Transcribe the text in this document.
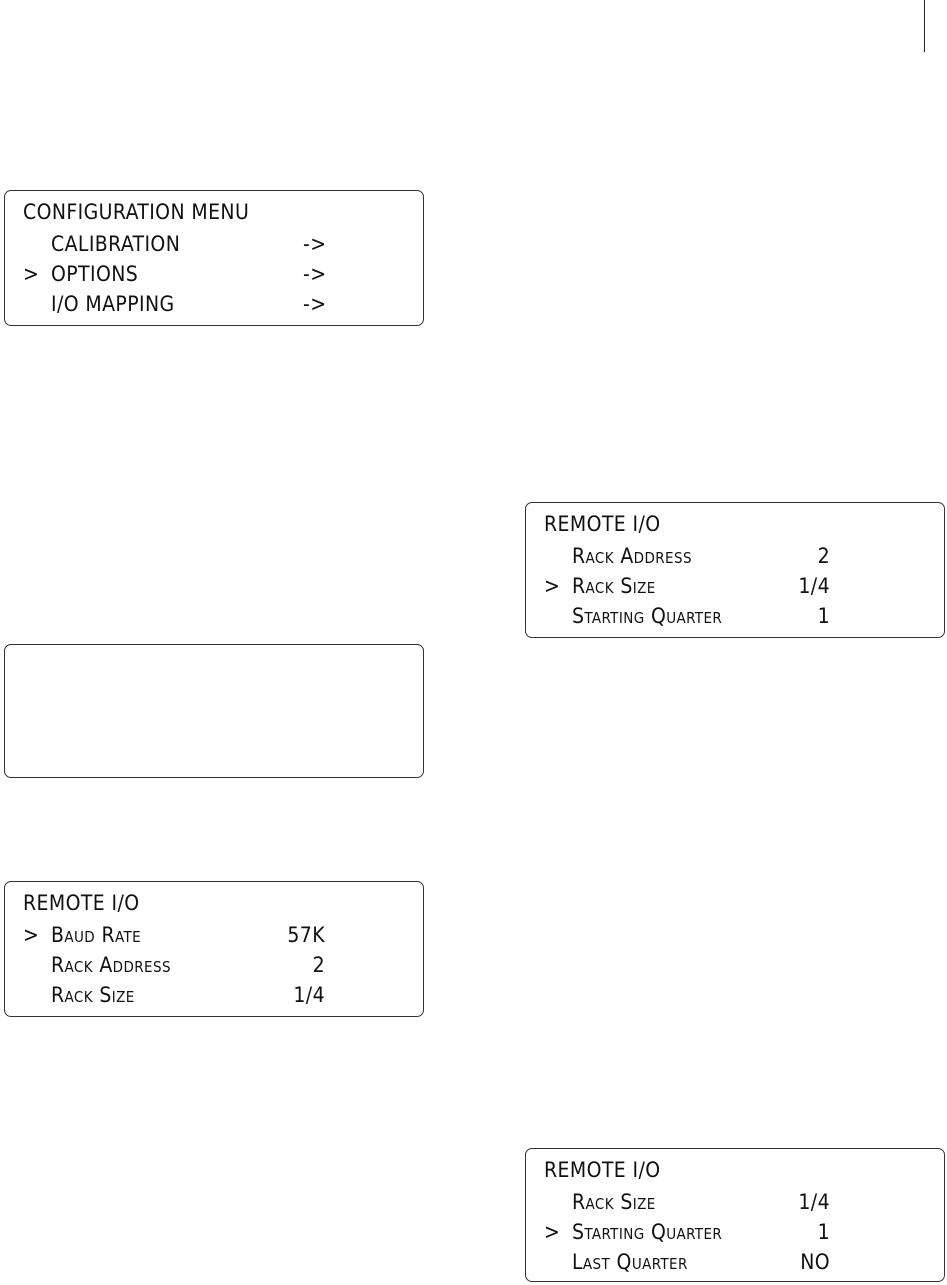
CONFIGURATION MENU
CALIBRATION	->
> OPTIONS	->
I/O MAPPING	->
REMOTE I/O
> Baud Rate	57K
Rack Address	2
Rack Size	1/4
REMOTE I/O
Rack Address	2
> Rack Size	1/4
Starting Quarter	1
REMOTE I/O
Rack Size	1/4
> Starting Quarter	1
Last Quarter	NO
